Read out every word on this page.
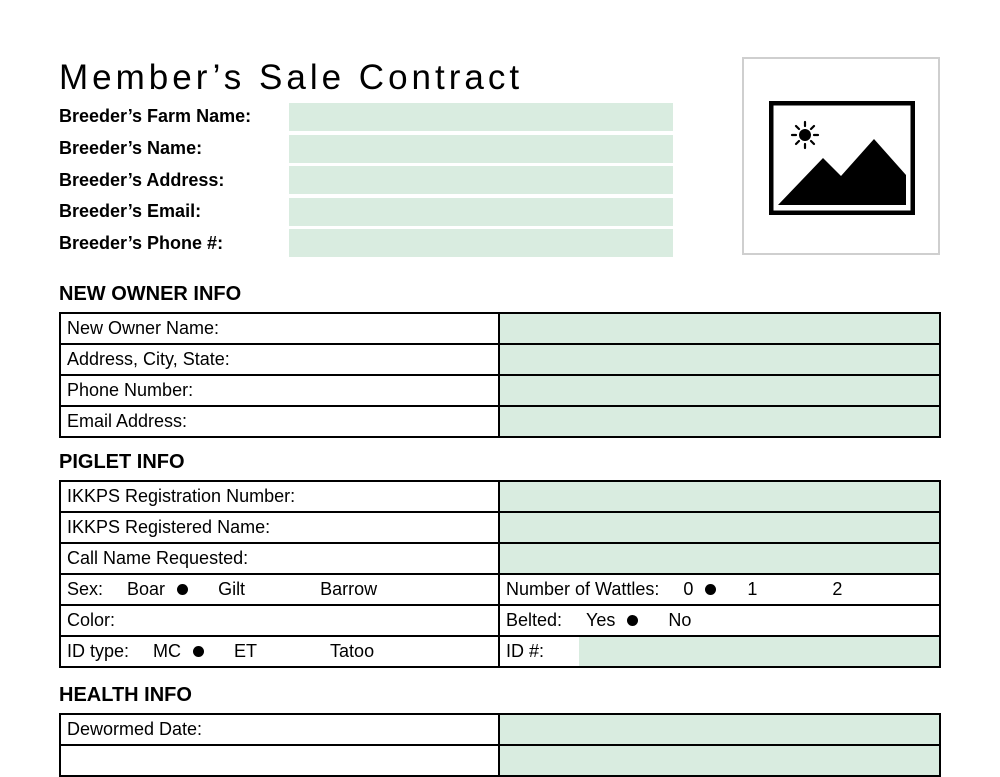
Member’s Sale Contract
Breeder’s Farm Name:
Breeder’s Name:
Breeder’s Address:
Breeder’s Email:
Breeder’s Phone #:
NEW OWNER INFO
New Owner Name:	
Address, City, State:	
Phone Number:	
Email Address:	
PIGLET INFO
IKKPS Registration Number:	
IKKPS Registered Name:	
Call Name Requested:	

Sex: Boar Gilt Barrow	Number of Wattles: 0 1 2

Color:	Belted: Yes No

ID type: MC ET Tatoo	ID #:
HEALTH INFO
Dewormed Date:	
